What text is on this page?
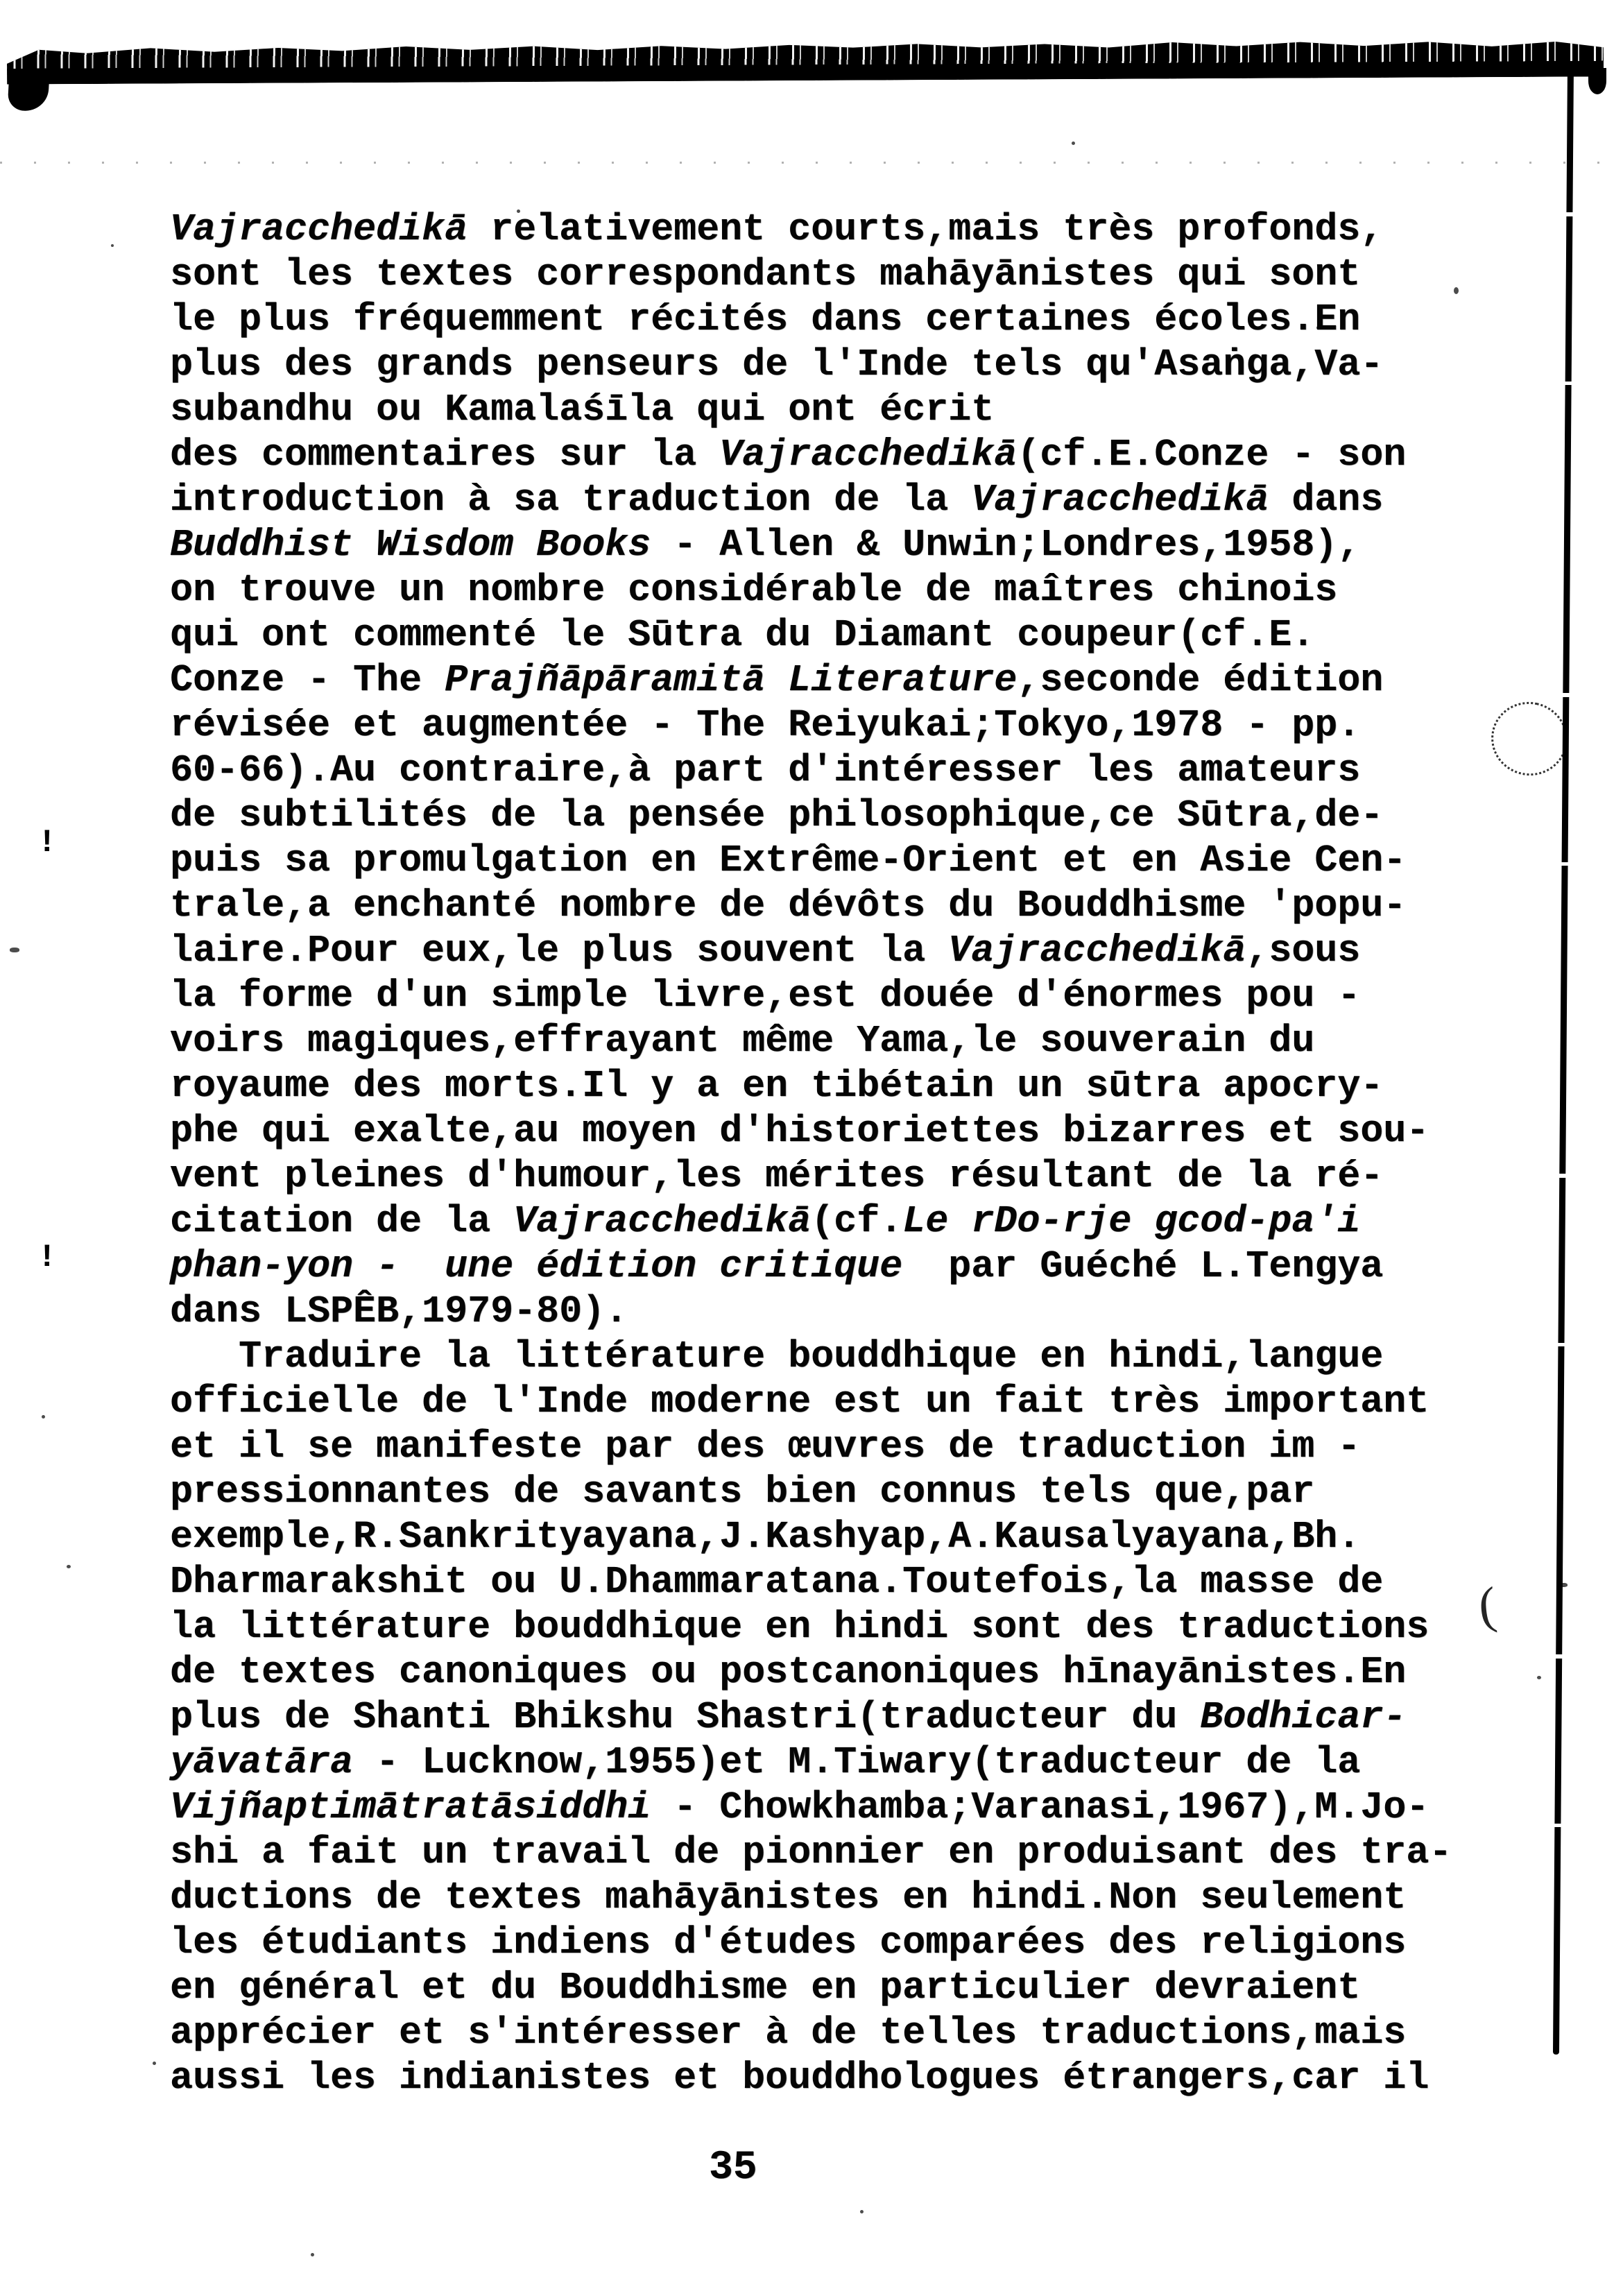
!
!
(
Vajracchedikā relativement courts,mais très profonds,
sont les textes correspondants mahāyānistes qui sont
le plus fréquemment récités dans certaines écoles.En
plus des grands penseurs de l'Inde tels qu'Asaṅga,Va-
subandhu ou Kamalaśīla qui ont écrit
des commentaires sur la Vajracchedikā(cf.E.Conze - son
introduction à sa traduction de la Vajracchedikā dans
Buddhist Wisdom Books - Allen & Unwin;Londres,1958),
on trouve un nombre considérable de maîtres chinois
qui ont commenté le Sūtra du Diamant coupeur(cf.E.
Conze - The Prajñāpāramitā Literature,seconde édition
révisée et augmentée - The Reiyukai;Tokyo,1978 - pp.
60-66).Au contraire,à part d'intéresser les amateurs
de subtilités de la pensée philosophique,ce Sūtra,de-
puis sa promulgation en Extrême-Orient et en Asie Cen-
trale,a enchanté nombre de dévôts du Bouddhisme 'popu-
laire.Pour eux,le plus souvent la Vajracchedikā,sous
la forme d'un simple livre,est douée d'énormes pou -
voirs magiques,effrayant même Yama,le souverain du
royaume des morts.Il y a en tibétain un sūtra apocry-
phe qui exalte,au moyen d'historiettes bizarres et sou-
vent pleines d'humour,les mérites résultant de la ré-
citation de la Vajracchedikā(cf.Le rDo-rje gcod-pa'i
phan-yon -  une édition critique  par Guéché L.Tengya
dans LSPÊB,1979-80).
Traduire la littérature bouddhique en hindi,langue
officielle de l'Inde moderne est un fait très important
et il se manifeste par des œuvres de traduction im -
pressionnantes de savants bien connus tels que,par
exemple,R.Sankrityayana,J.Kashyap,A.Kausalyayana,Bh.
Dharmarakshit ou U.Dhammaratana.Toutefois,la masse de
la littérature bouddhique en hindi sont des traductions
de textes canoniques ou postcanoniques hīnayānistes.En
plus de Shanti Bhikshu Shastri(traducteur du Bodhicar-
yāvatāra - Lucknow,1955)et M.Tiwary(traducteur de la
Vijñaptimātratāsiddhi - Chowkhamba;Varanasi,1967),M.Jo-
shi a fait un travail de pionnier en produisant des tra-
ductions de textes mahāyānistes en hindi.Non seulement
les étudiants indiens d'études comparées des religions
en général et du Bouddhisme en particulier devraient
apprécier et s'intéresser à de telles traductions,mais
aussi les indianistes et bouddhologues étrangers,car il
35
